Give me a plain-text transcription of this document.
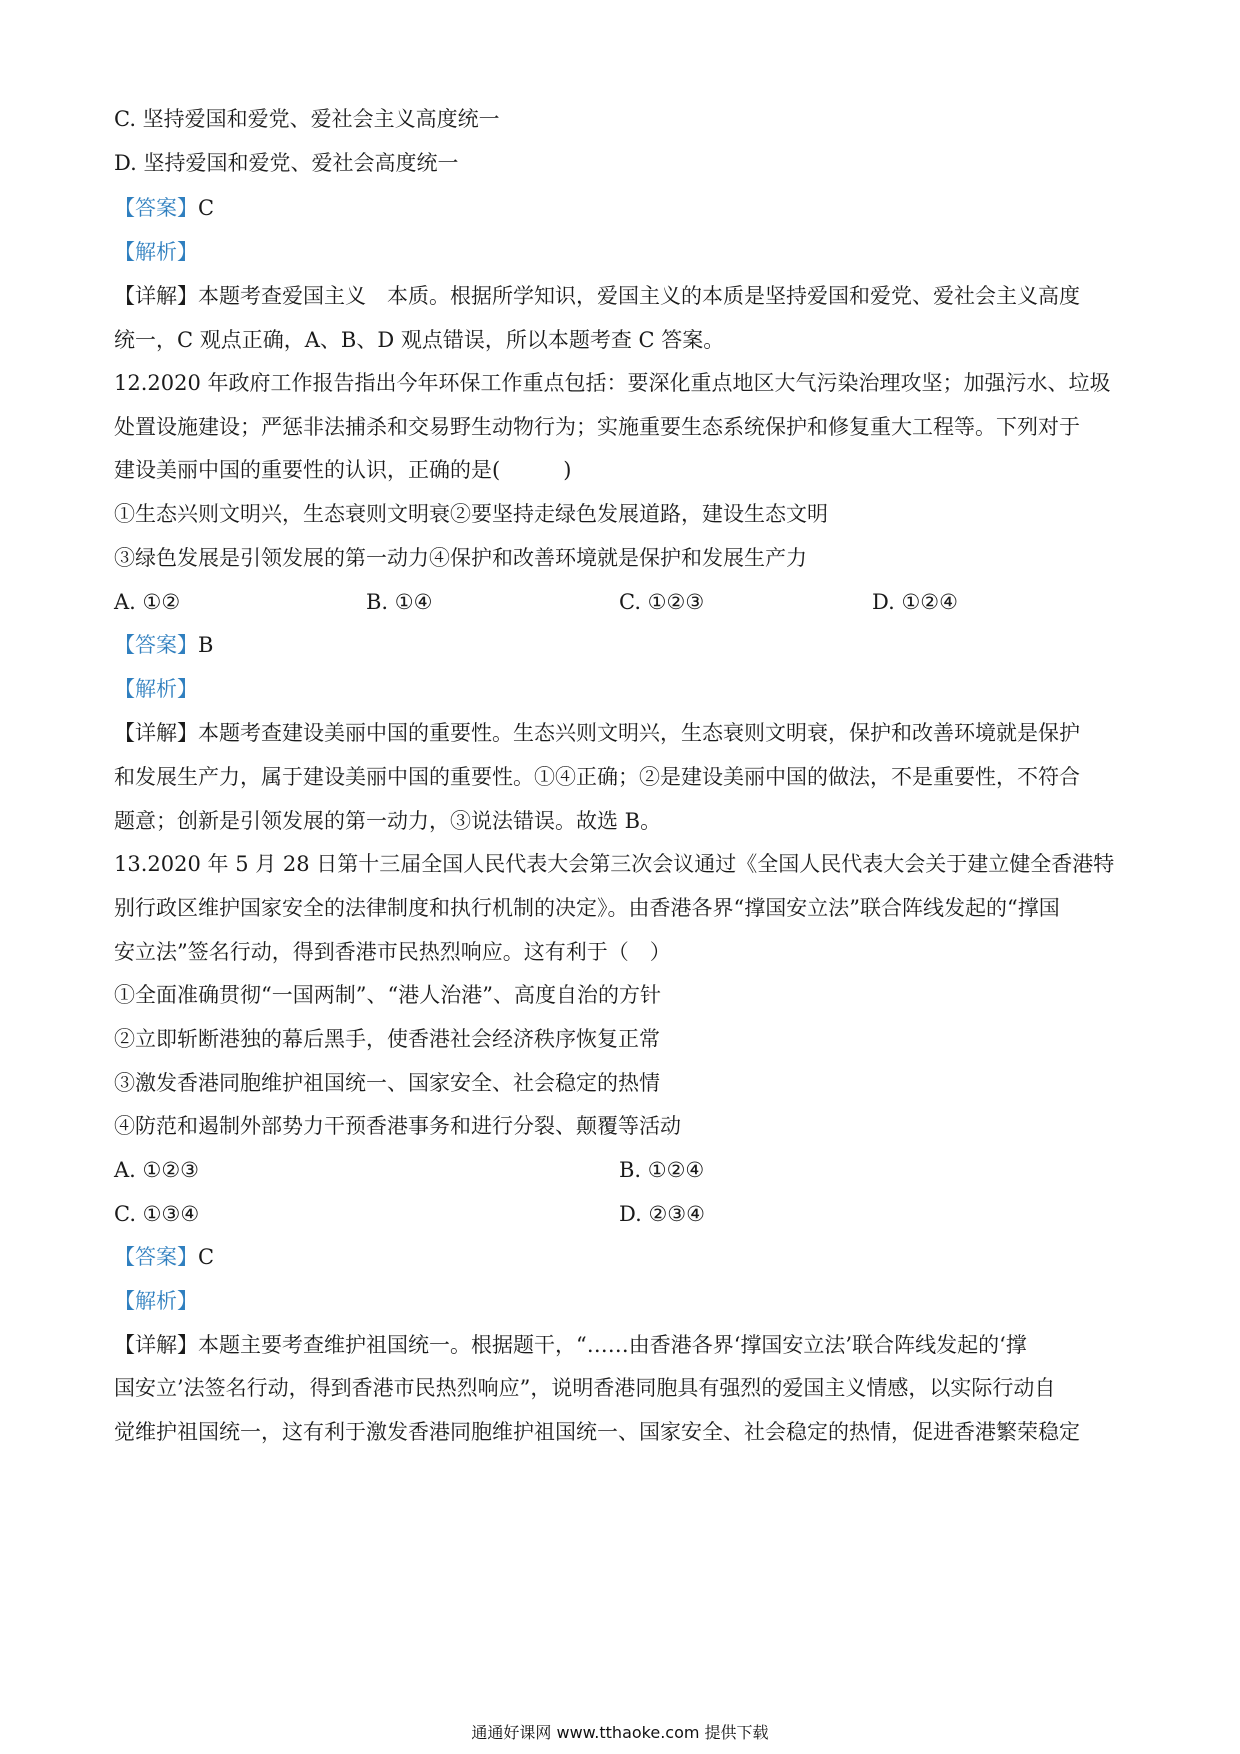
C. 坚持爱国和爱党、爱社会主义高度统一
D. 坚持爱国和爱党、爱社会高度统一
【答案】C
【解析】
【详解】本题考查爱国主义　本质。根据所学知识，爱国主义的本质是坚持爱国和爱党、爱社会主义高度
统一，C 观点正确，A、B、D 观点错误，所以本题考查 C 答案。
12.2020 年政府工作报告指出今年环保工作重点包括：要深化重点地区大气污染治理攻坚；加强污水、垃圾
处置设施建设；严惩非法捕杀和交易野生动物行为；实施重要生态系统保护和修复重大工程等。下列对于
建设美丽中国的重要性的认识，正确的是(　　　)
①生态兴则文明兴，生态衰则文明衰②要坚持走绿色发展道路，建设生态文明
③绿色发展是引领发展的第一动力④保护和改善环境就是保护和发展生产力
A. ①②	B. ①④	C. ①②③	D. ①②④
【答案】B
【解析】
【详解】本题考查建设美丽中国的重要性。生态兴则文明兴，生态衰则文明衰，保护和改善环境就是保护
和发展生产力，属于建设美丽中国的重要性。①④正确；②是建设美丽中国的做法，不是重要性，不符合
题意；创新是引领发展的第一动力，③说法错误。故选 B。
13.2020 年 5 月 28 日第十三届全国人民代表大会第三次会议通过《全国人民代表大会关于建立健全香港特
别行政区维护国家安全的法律制度和执行机制的决定》。由香港各界“撑国安立法”联合阵线发起的“撑国
安立法”签名行动，得到香港市民热烈响应。这有利于（　）
①全面准确贯彻“一国两制”、“港人治港”、高度自治的方针
②立即斩断港独的幕后黑手，使香港社会经济秩序恢复正常
③激发香港同胞维护祖国统一、国家安全、社会稳定的热情
④防范和遏制外部势力干预香港事务和进行分裂、颠覆等活动
A. ①②③	B. ①②④
C. ①③④	D. ②③④
【答案】C
【解析】
【详解】本题主要考查维护祖国统一。根据题干，“……由香港各界‘撑国安立法’联合阵线发起的‘撑
国安立’法签名行动，得到香港市民热烈响应”，说明香港同胞具有强烈的爱国主义情感，以实际行动自
觉维护祖国统一，这有利于激发香港同胞维护祖国统一、国家安全、社会稳定的热情，促进香港繁荣稳定
通通好课网 www.tthaoke.com 提供下载
